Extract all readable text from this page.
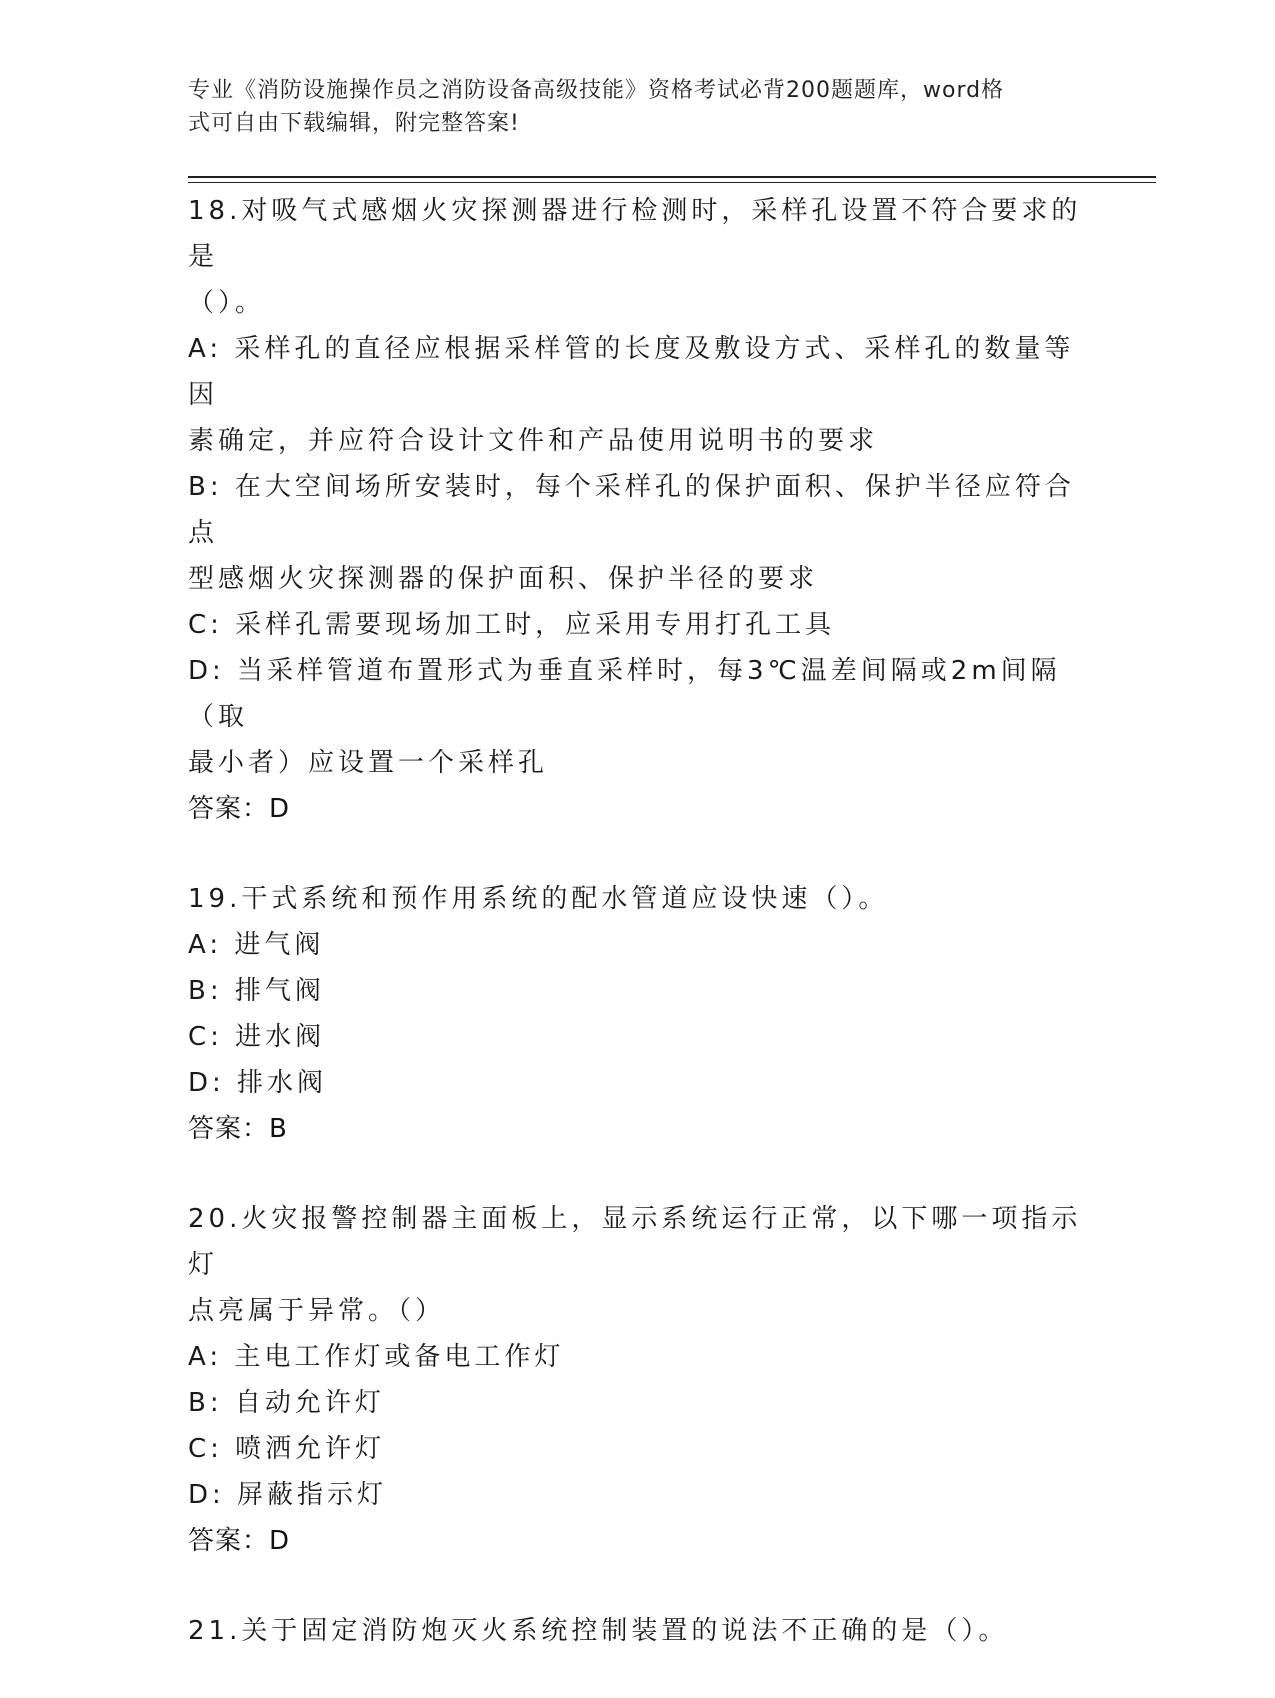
专业《消防设施操作员之消防设备高级技能》资格考试必背200题题库，word格
式可自由下载编辑，附完整答案!
18.对吸气式感烟火灾探测器进行检测时，采样孔设置不符合要求的是
（）。
A: 采样孔的直径应根据采样管的长度及敷设方式、采样孔的数量等因
素确定，并应符合设计文件和产品使用说明书的要求
B: 在大空间场所安装时，每个采样孔的保护面积、保护半径应符合点
型感烟火灾探测器的保护面积、保护半径的要求
C: 采样孔需要现场加工时，应采用专用打孔工具
D: 当采样管道布置形式为垂直采样时，每3℃温差间隔或2m间隔（取
最小者）应设置一个采样孔
答案：D
19.干式系统和预作用系统的配水管道应设快速（）。
A: 进气阀
B: 排气阀
C: 进水阀
D: 排水阀
答案：B
20.火灾报警控制器主面板上，显示系统运行正常，以下哪一项指示灯
点亮属于异常。（）
A: 主电工作灯或备电工作灯
B: 自动允许灯
C: 喷洒允许灯
D: 屏蔽指示灯
答案：D
21.关于固定消防炮灭火系统控制装置的说法不正确的是（）。
